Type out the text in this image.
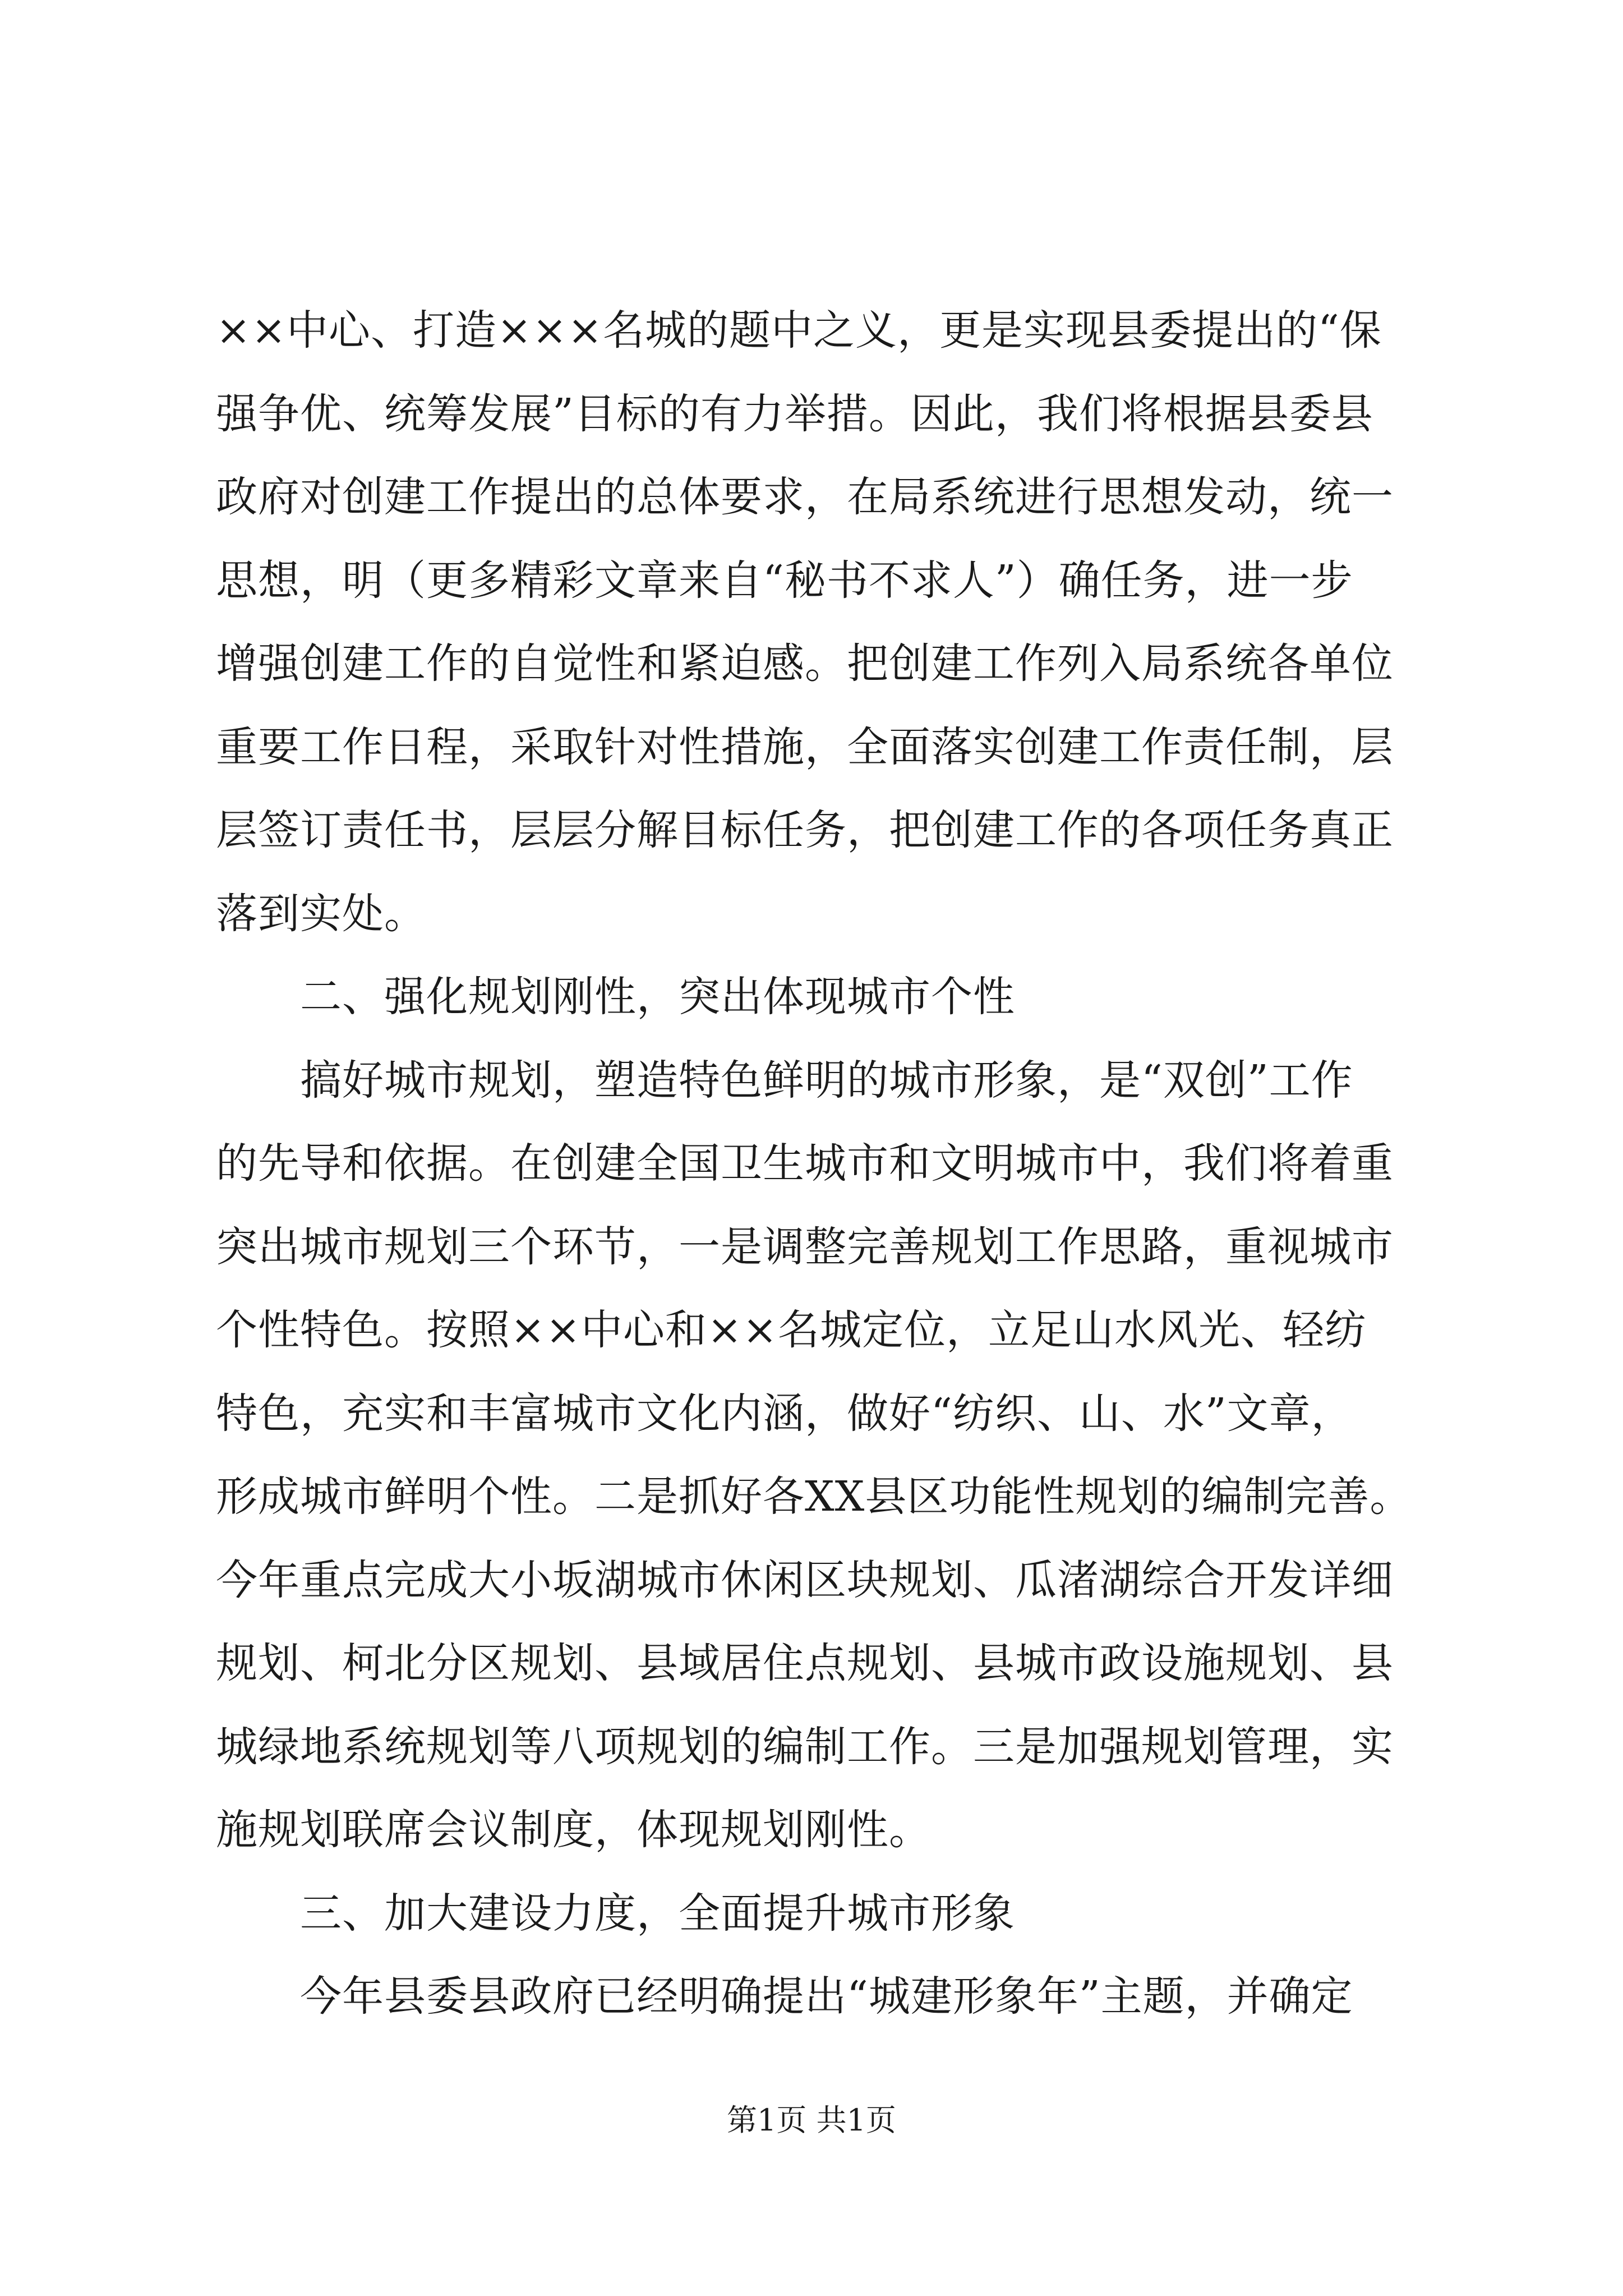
××中心、打造×××名城的题中之义，更是实现县委提出的“保
强争优、统筹发展”目标的有力举措。因此，我们将根据县委县
政府对创建工作提出的总体要求，在局系统进行思想发动，统一
思想，明（更多精彩文章来自“秘书不求人”）确任务，进一步
增强创建工作的自觉性和紧迫感。把创建工作列入局系统各单位
重要工作日程，采取针对性措施，全面落实创建工作责任制，层
层签订责任书，层层分解目标任务，把创建工作的各项任务真正
落到实处。
二、强化规划刚性，突出体现城市个性
搞好城市规划，塑造特色鲜明的城市形象，是“双创”工作
的先导和依据。在创建全国卫生城市和文明城市中，我们将着重
突出城市规划三个环节，一是调整完善规划工作思路，重视城市
个性特色。按照××中心和××名城定位，立足山水风光、轻纺
特色，充实和丰富城市文化内涵，做好“纺织、山、水”文章，
形成城市鲜明个性。二是抓好各XX县区功能性规划的编制完善。
今年重点完成大小坂湖城市休闲区块规划、瓜渚湖综合开发详细
规划、柯北分区规划、县域居住点规划、县城市政设施规划、县
城绿地系统规划等八项规划的编制工作。三是加强规划管理，实
施规划联席会议制度，体现规划刚性。
三、加大建设力度，全面提升城市形象
今年县委县政府已经明确提出“城建形象年”主题，并确定
第1页 共1页
